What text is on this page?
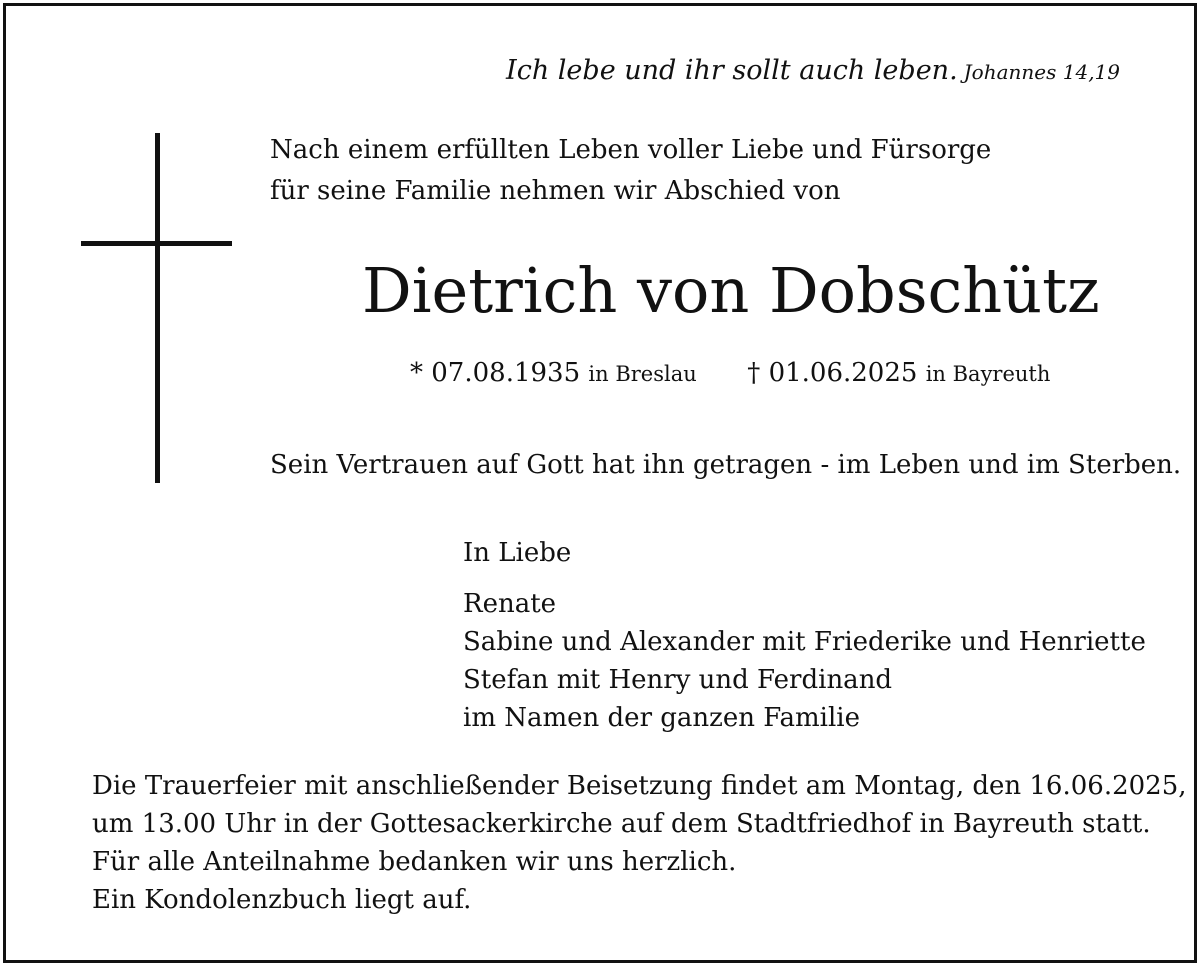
Ich lebe und ihr sollt auch leben. Johannes 14,19
Nach einem erfüllten Leben voller Liebe und Fürsorge
für seine Familie nehmen wir Abschied von
Dietrich von Dobschütz
* 07.08.1935 in Breslau † 01.06.2025 in Bayreuth
Sein Vertrauen auf Gott hat ihn getragen - im Leben und im Sterben.
In Liebe
Renate
Sabine und Alexander mit Friederike und Henriette
Stefan mit Henry und Ferdinand
im Namen der ganzen Familie
Die Trauerfeier mit anschließender Beisetzung findet am Montag, den 16.06.2025,
um 13.00 Uhr in der Gottesackerkirche auf dem Stadtfriedhof in Bayreuth statt.
Für alle Anteilnahme bedanken wir uns herzlich.
Ein Kondolenzbuch liegt auf.
